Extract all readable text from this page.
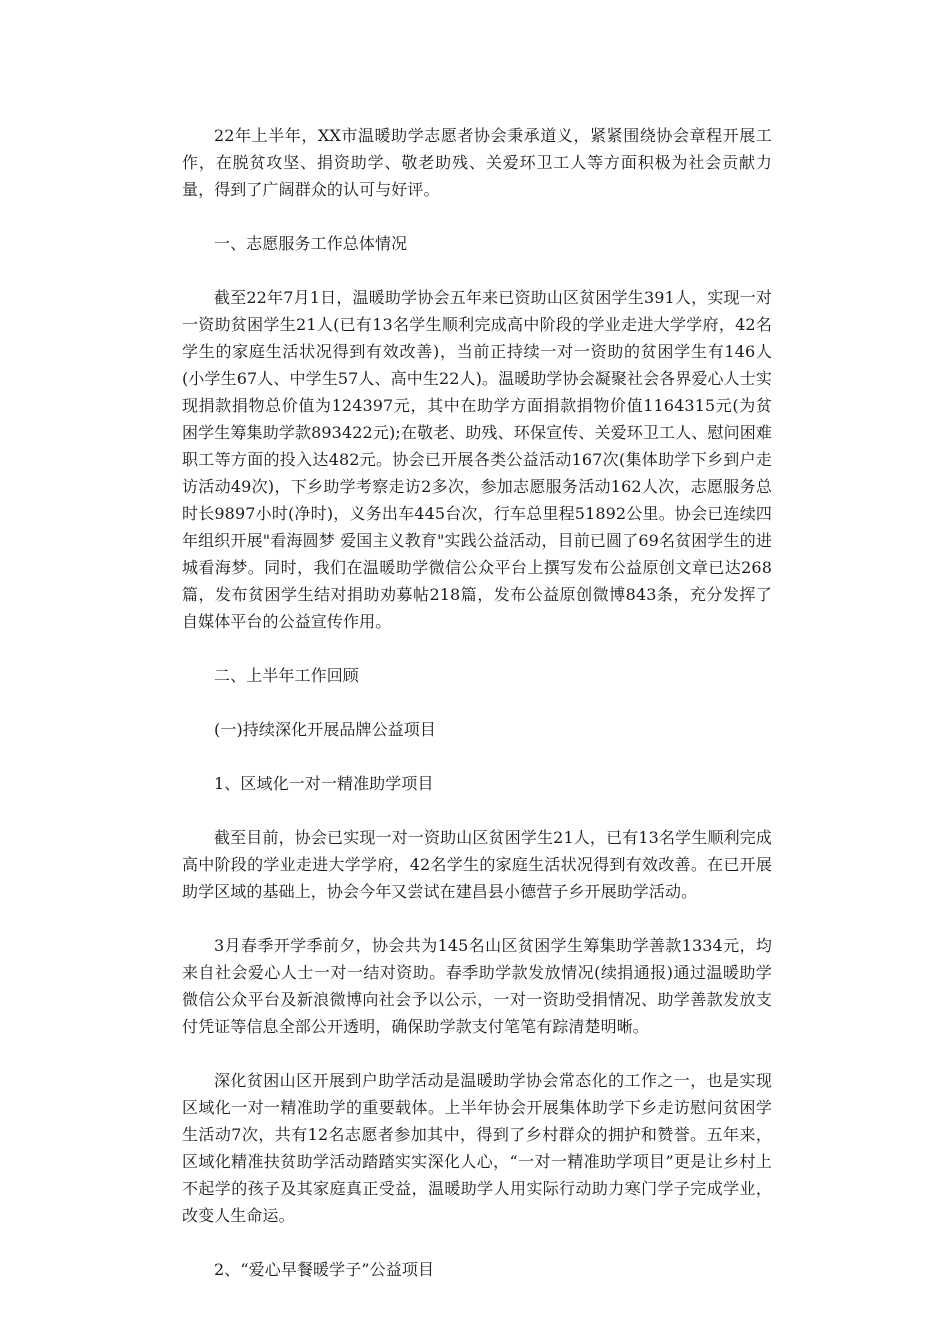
22年上半年，XX市温暖助学志愿者协会秉承道义，紧紧围绕协会章程开展工作，在脱贫攻坚、捐资助学、敬老助残、关爱环卫工人等方面积极为社会贡献力量，得到了广阔群众的认可与好评。

一、志愿服务工作总体情况

截至22年7月1日，温暖助学协会五年来已资助山区贫困学生391人，实现一对一资助贫困学生21人(已有13名学生顺利完成高中阶段的学业走进大学学府，42名学生的家庭生活状况得到有效改善)，当前正持续一对一资助的贫困学生有146人(小学生67人、中学生57人、高中生22人)。温暖助学协会凝聚社会各界爱心人士实现捐款捐物总价值为124397元，其中在助学方面捐款捐物价值1164315元(为贫困学生筹集助学款893422元);在敬老、助残、环保宣传、关爱环卫工人、慰问困难职工等方面的投入达482元。协会已开展各类公益活动167次(集体助学下乡到户走访活动49次)，下乡助学考察走访2多次，参加志愿服务活动162人次，志愿服务总时长9897小时(净时)，义务出车445台次，行车总里程51892公里。协会已连续四年组织开展"看海圆梦 爱国主义教育"实践公益活动，目前已圆了69名贫困学生的进城看海梦。同时，我们在温暖助学微信公众平台上撰写发布公益原创文章已达268篇，发布贫困学生结对捐助劝募帖218篇，发布公益原创微博843条，充分发挥了自媒体平台的公益宣传作用。

二、上半年工作回顾

(一)持续深化开展品牌公益项目

1、区域化一对一精准助学项目

截至目前，协会已实现一对一资助山区贫困学生21人，已有13名学生顺利完成高中阶段的学业走进大学学府，42名学生的家庭生活状况得到有效改善。在已开展助学区域的基础上，协会今年又尝试在建昌县小德营子乡开展助学活动。

3月春季开学季前夕，协会共为145名山区贫困学生筹集助学善款1334元，均来自社会爱心人士一对一结对资助。春季助学款发放情况(续捐通报)通过温暖助学微信公众平台及新浪微博向社会予以公示，一对一资助受捐情况、助学善款发放支付凭证等信息全部公开透明，确保助学款支付笔笔有踪清楚明晰。

深化贫困山区开展到户助学活动是温暖助学协会常态化的工作之一，也是实现区域化一对一精准助学的重要载体。上半年协会开展集体助学下乡走访慰问贫困学生活动7次，共有12名志愿者参加其中，得到了乡村群众的拥护和赞誉。五年来，区域化精准扶贫助学活动踏踏实实深化人心，“一对一精准助学项目”更是让乡村上不起学的孩子及其家庭真正受益，温暖助学人用实际行动助力寒门学子完成学业，改变人生命运。

2、“爱心早餐暖学子”公益项目
